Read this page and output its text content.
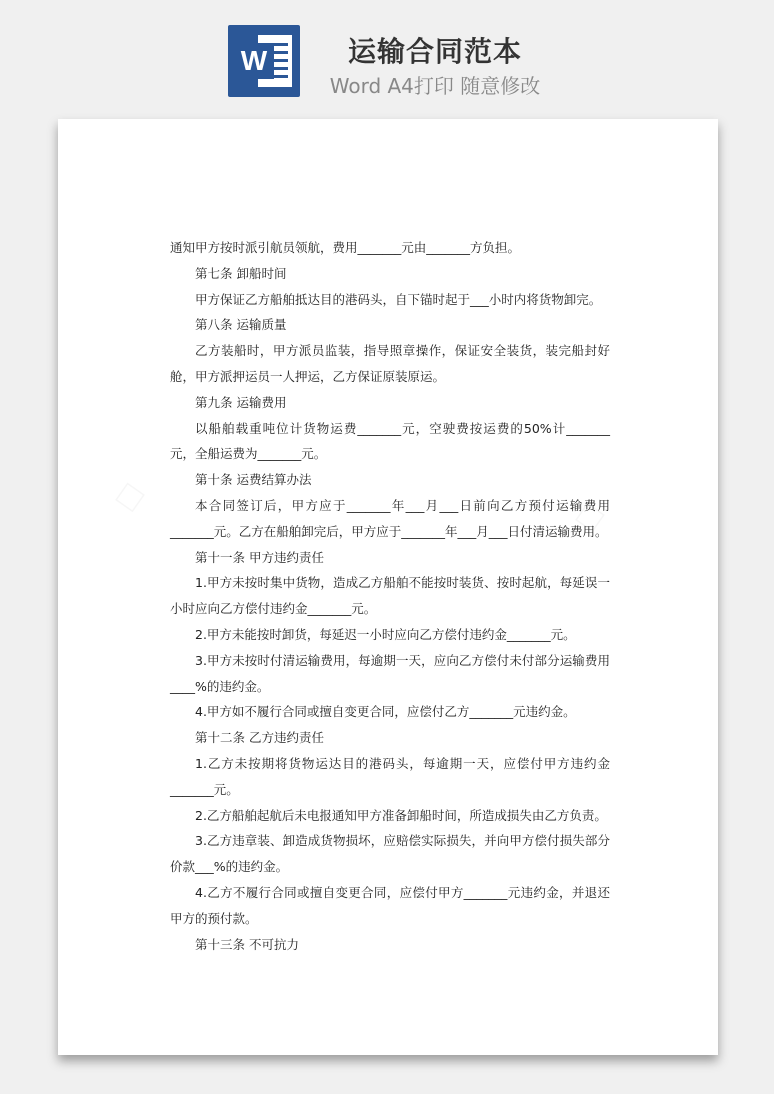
W	运输合同范本
Word A4打印 随意修改

通知甲方按时派引航员领航，费用_______元由_______方负担。

第七条 卸船时间

甲方保证乙方船舶抵达目的港码头，自下锚时起于___小时内将货物卸完。

第八条 运输质量

乙方装船时，甲方派员监装，指导照章操作，保证安全装货，装完船封好舱，甲方派押运员一人押运，乙方保证原装原运。

第九条 运输费用

以船舶载重吨位计货物运费_______元，空驶费按运费的50%计_______元，全船运费为_______元。

第十条 运费结算办法

本合同签订后，甲方应于_______年___月___日前向乙方预付运输费用_______元。乙方在船舶卸完后，甲方应于_______年___月___日付清运输费用。

第十一条 甲方违约责任

1.甲方未按时集中货物，造成乙方船舶不能按时装货、按时起航，每延误一小时应向乙方偿付违约金_______元。

2.甲方未能按时卸货，每延迟一小时应向乙方偿付违约金_______元。

3.甲方未按时付清运输费用，每逾期一天，应向乙方偿付未付部分运输费用____%的违约金。

4.甲方如不履行合同或擅自变更合同，应偿付乙方_______元违约金。

第十二条 乙方违约责任

1.乙方未按期将货物运达目的港码头，每逾期一天，应偿付甲方违约金_______元。

2.乙方船舶起航后未电报通知甲方准备卸船时间，所造成损失由乙方负责。

3.乙方违章装、卸造成货物损坏，应赔偿实际损失，并向甲方偿付损失部分价款___%的违约金。

4.乙方不履行合同或擅自变更合同，应偿付甲方_______元违约金，并退还甲方的预付款。

第十三条 不可抗力
